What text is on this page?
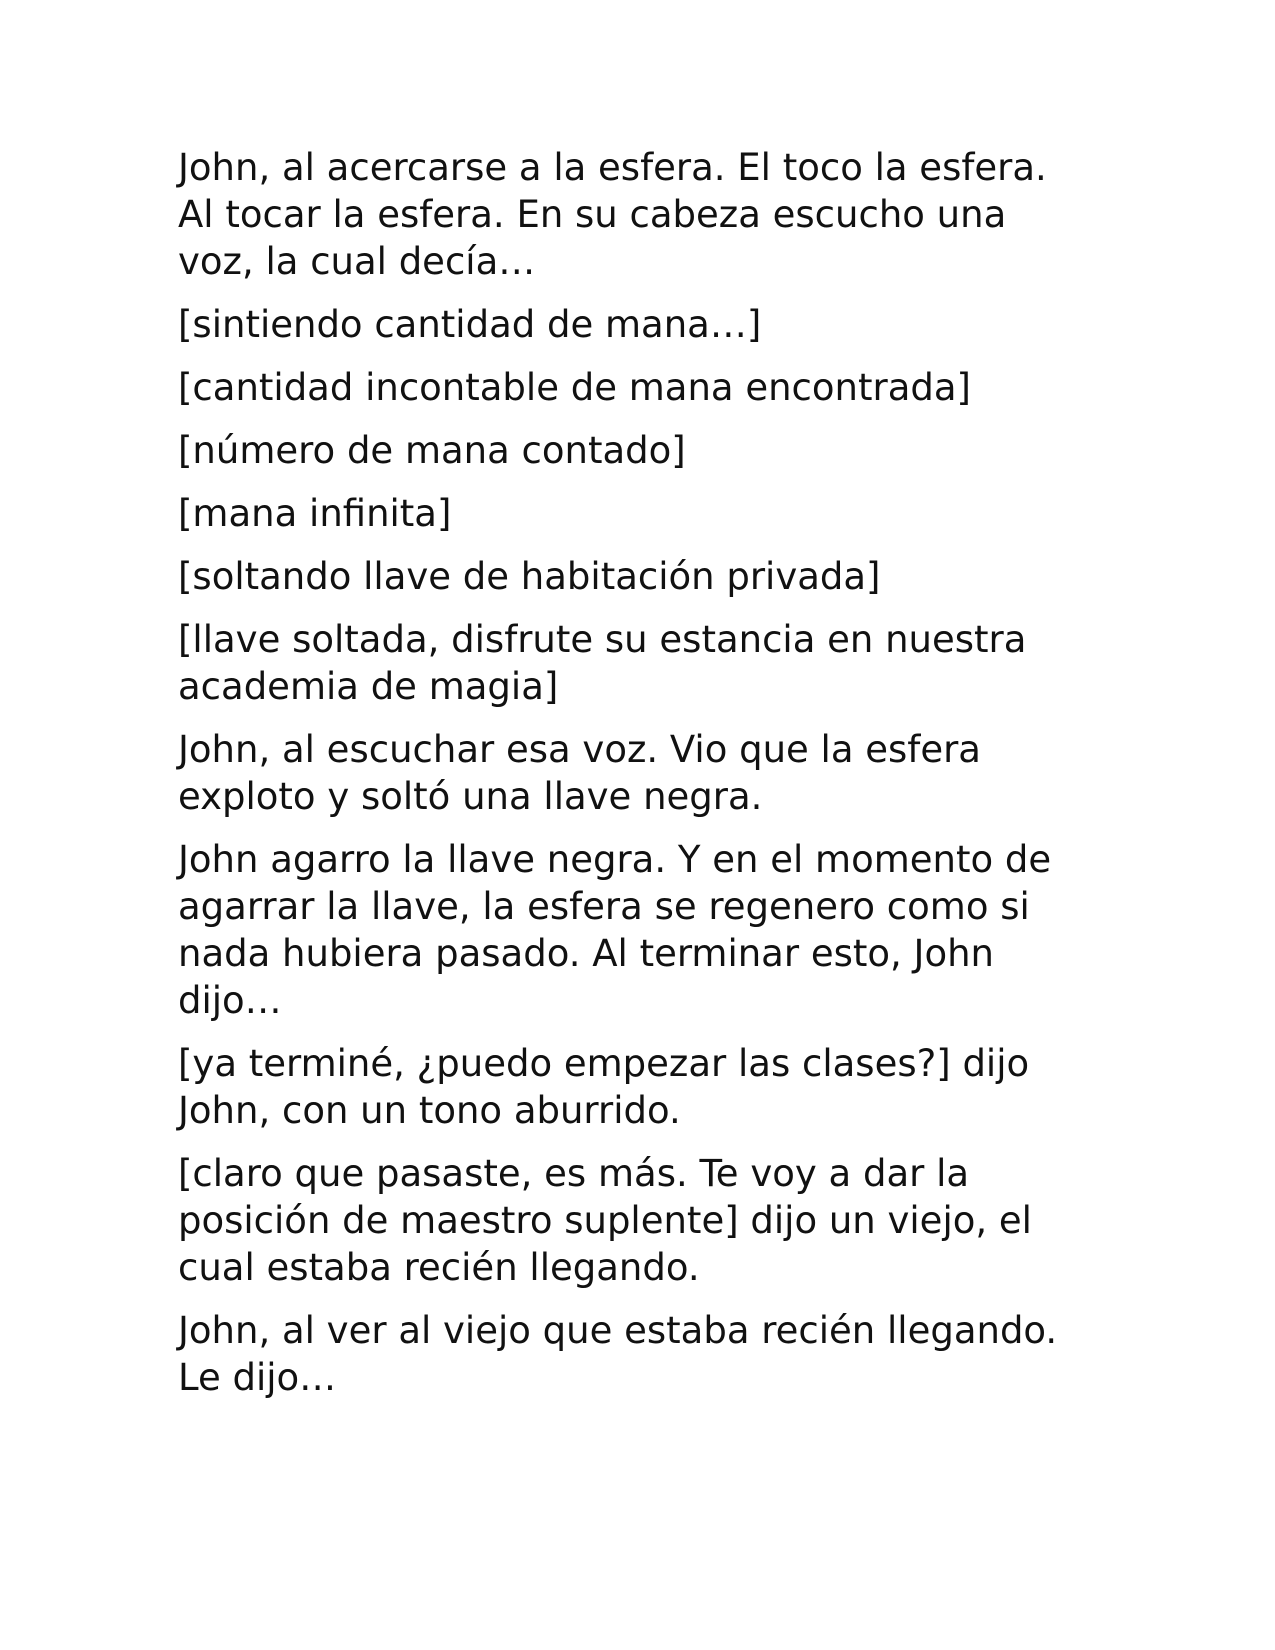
John, al acercarse a la esfera. El toco la esfera. Al tocar la esfera. En su cabeza escucho una voz, la cual decía…

[sintiendo cantidad de mana…]

[cantidad incontable de mana encontrada]

[número de mana contado]

[mana infinita]

[soltando llave de habitación privada]

[llave soltada, disfrute su estancia en nuestra academia de magia]

John, al escuchar esa voz. Vio que la esfera exploto y soltó una llave negra.

John agarro la llave negra. Y en el momento de agarrar la llave, la esfera se regenero como si nada hubiera pasado. Al terminar esto, John dijo…

[ya terminé, ¿puedo empezar las clases?] dijo John, con un tono aburrido.

[claro que pasaste, es más. Te voy a dar la posición de maestro suplente] dijo un viejo, el cual estaba recién llegando.

John, al ver al viejo que estaba recién llegando. Le dijo…
